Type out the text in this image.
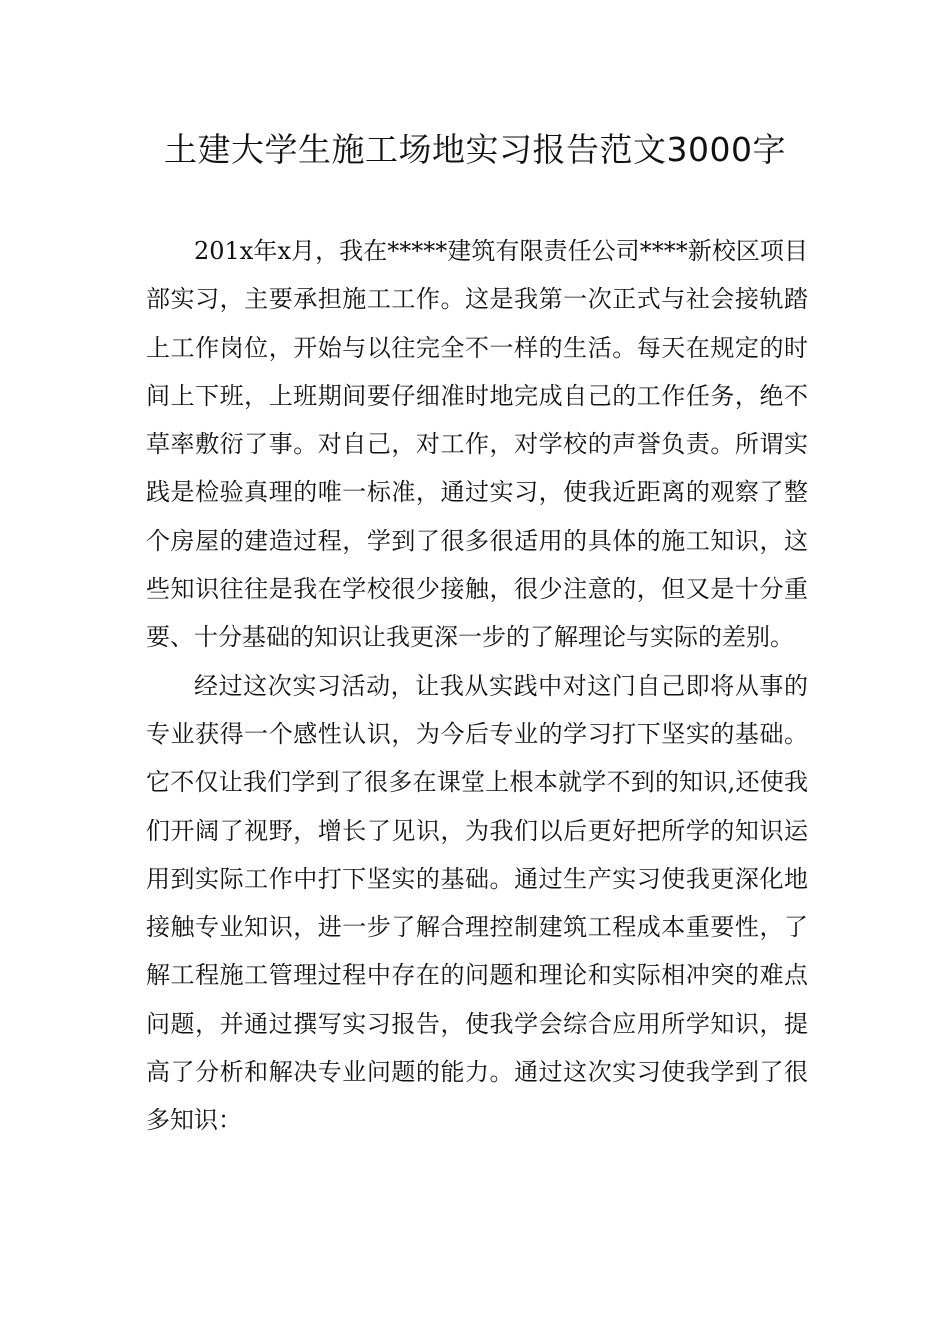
土建大学生施工场地实习报告范文3000字

201x年x月，我在*****建筑有限责任公司****新校区项目部实习，主要承担施工工作。这是我第一次正式与社会接轨踏上工作岗位，开始与以往完全不一样的生活。每天在规定的时间上下班，上班期间要仔细准时地完成自己的工作任务，绝不草率敷衍了事。对自己，对工作，对学校的声誉负责。所谓实践是检验真理的唯一标准，通过实习，使我近距离的观察了整个房屋的建造过程，学到了很多很适用的具体的施工知识，这些知识往往是我在学校很少接触，很少注意的，但又是十分重要、十分基础的知识让我更深一步的了解理论与实际的差别。

经过这次实习活动，让我从实践中对这门自己即将从事的专业获得一个感性认识，为今后专业的学习打下坚实的基础。它不仅让我们学到了很多在课堂上根本就学不到的知识,还使我们开阔了视野，增长了见识，为我们以后更好把所学的知识运用到实际工作中打下坚实的基础。通过生产实习使我更深化地接触专业知识，进一步了解合理控制建筑工程成本重要性，了解工程施工管理过程中存在的问题和理论和实际相冲突的难点问题，并通过撰写实习报告，使我学会综合应用所学知识，提高了分析和解决专业问题的能力。通过这次实习使我学到了很多知识：
